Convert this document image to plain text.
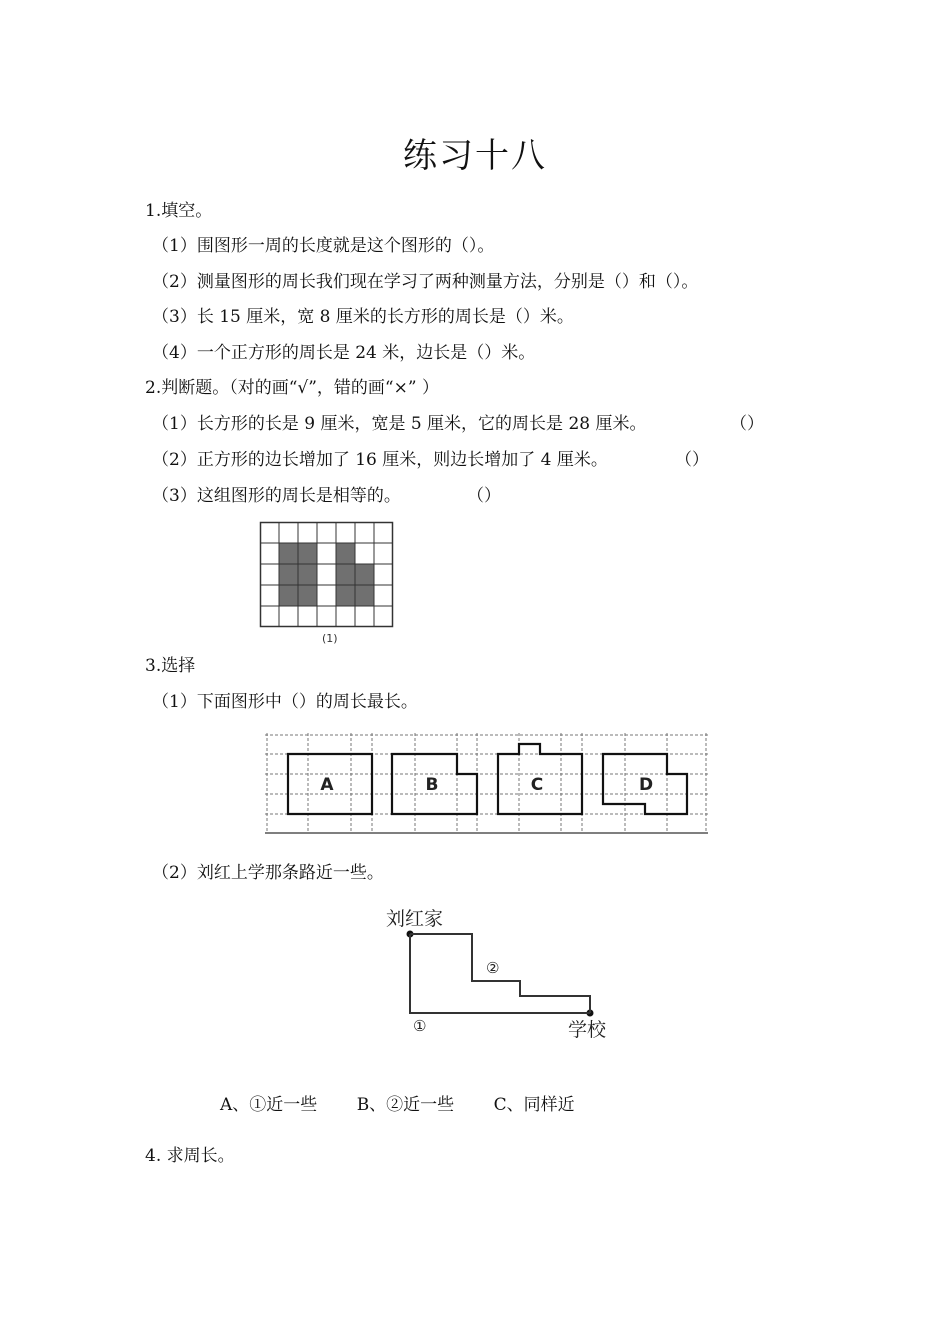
练习十八
1.填空。
（1）围图形一周的长度就是这个图形的（）。
（2）测量图形的周长我们现在学习了两种测量方法，分别是（）和（）。
（3）长 15 厘米，宽 8 厘米的长方形的周长是（）米。
（4）一个正方形的周长是 24 米，边长是（）米。
2.判断题。（对的画“√”，错的画“×” ）
（1）长方形的长是 9 厘米，宽是 5 厘米，它的周长是 28 厘米。	（）
（2）正方形的边长增加了 16 厘米，则边长增加了 4 厘米。	（）
（3）这组图形的周长是相等的。	（）
(1)
3.选择
（1）下面图形中（）的周长最长。
A	B	C	D
（2）刘红上学那条路近一些。
刘红家
②
①	学校
A、①近一些 B、②近一些 C、同样近
4. 求周长。
